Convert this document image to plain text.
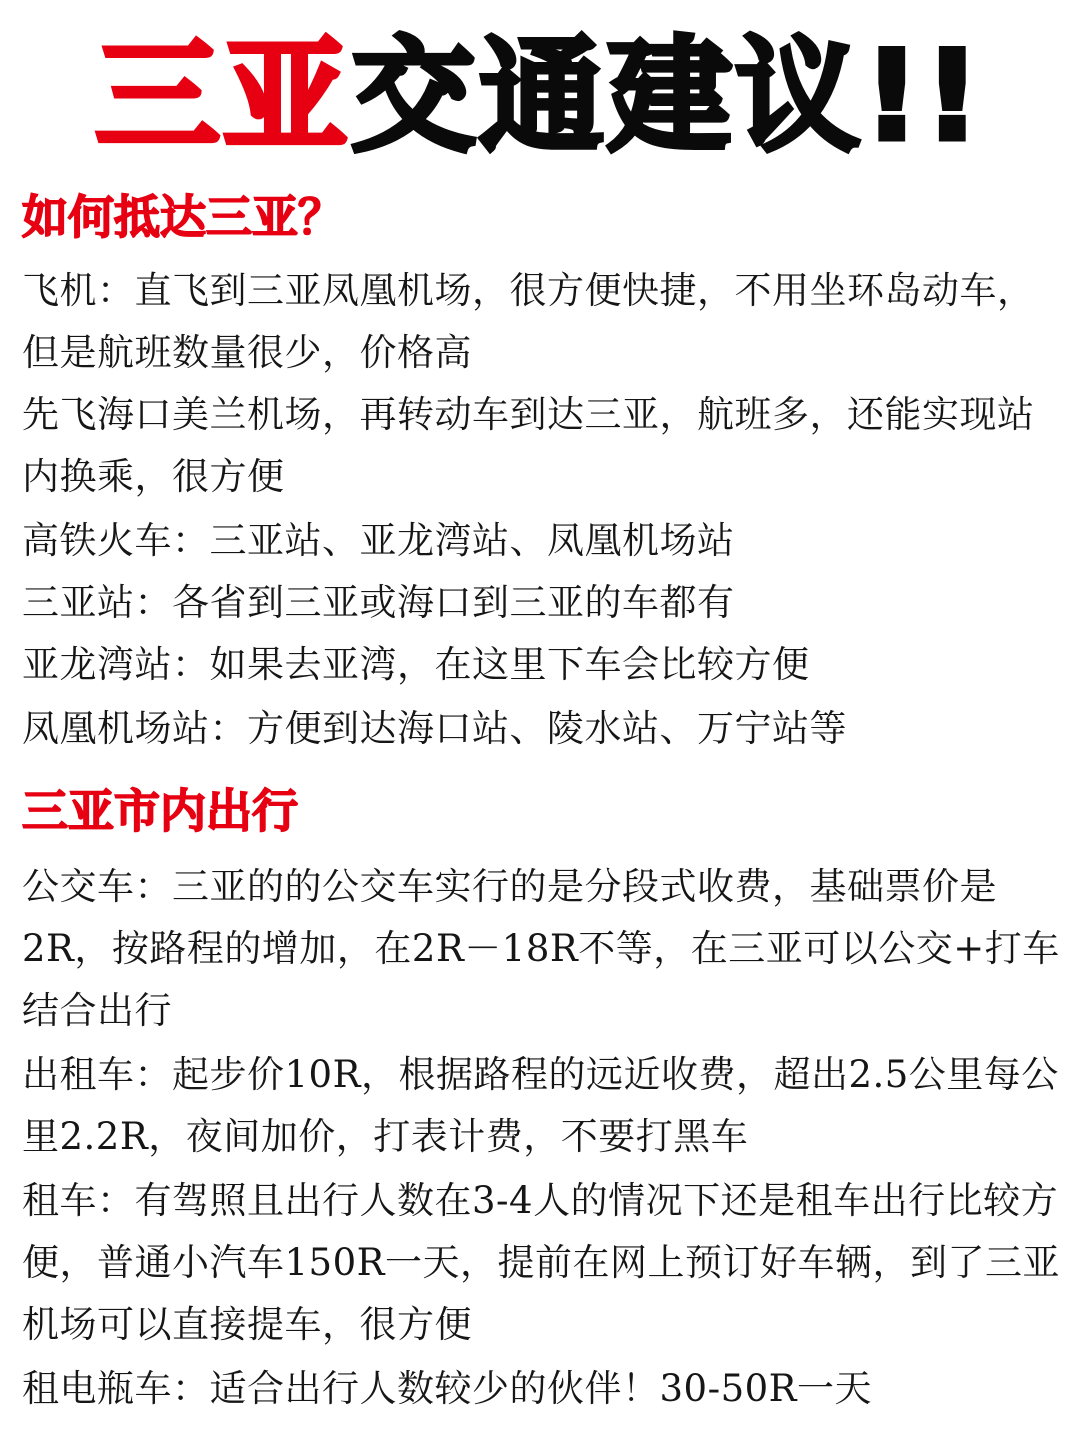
三亚交通建议!!
如何抵达三亚？
飞机：直飞到三亚凤凰机场，很方便快捷，不用坐环岛动车，但是航班数量很少，价格高
先飞海口美兰机场，再转动车到达三亚，航班多，还能实现站内换乘，很方便
高铁火车：三亚站、亚龙湾站、凤凰机场站
三亚站：各省到三亚或海口到三亚的车都有
亚龙湾站：如果去亚湾，在这里下车会比较方便
凤凰机场站：方便到达海口站、陵水站、万宁站等
三亚市内出行
公交车：三亚的的公交车实行的是分段式收费，基础票价是2R，按路程的增加，在2R－18R不等，在三亚可以公交+打车结合出行
出租车：起步价10R，根据路程的远近收费，超出2.5公里每公里2.2R，夜间加价，打表计费，不要打黑车
租车：有驾照且出行人数在3-4人的情况下还是租车出行比较方便，普通小汽车150R一天，提前在网上预订好车辆，到了三亚机场可以直接提车，很方便
租电瓶车：适合出行人数较少的伙伴！30-50R一天
